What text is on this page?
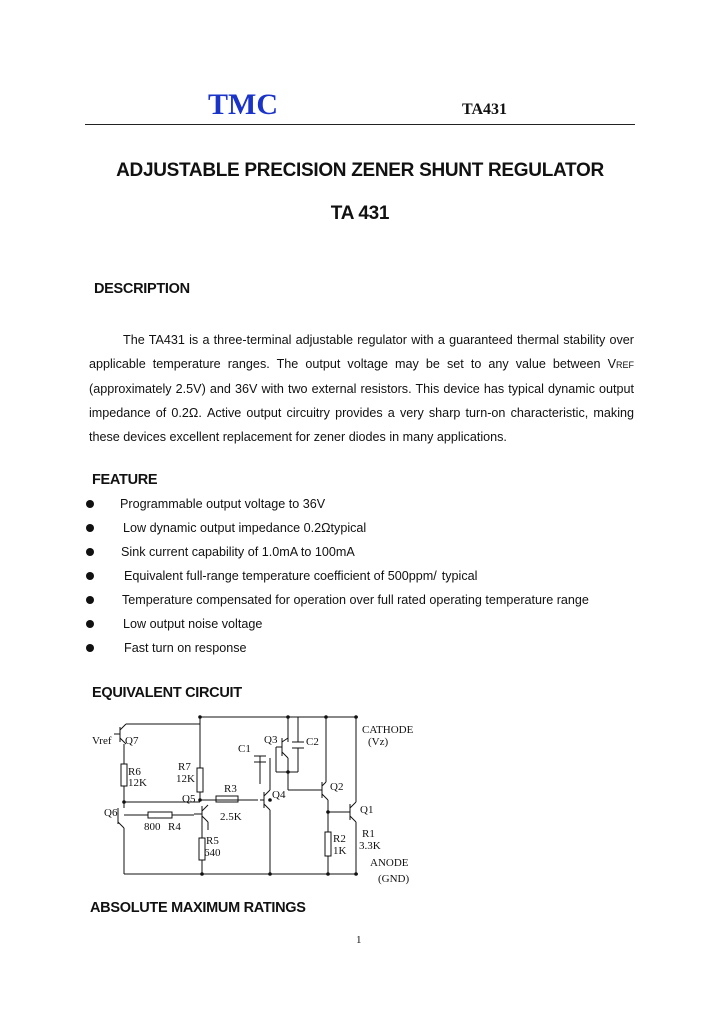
TMC	TA431
ADJUSTABLE PRECISION ZENER SHUNT REGULATOR
TA 431
DESCRIPTION

The TA431 is a three-terminal adjustable regulator with a guaranteed thermal stability over applicable temperature ranges. The output voltage may be set to any value between VREF (approximately 2.5V) and 36V with two external resistors. This device has typical dynamic output impedance of 0.2Ω. Active output circuitry provides a very sharp turn-on characteristic, making these devices excellent replacement for zener diodes in many applications.

FEATURE
Programmable output voltage to 36V
Low dynamic output impedance 0.2Ωtypical
Sink current capability of 1.0mA to 100mA
Equivalent full-range temperature coefficient of 500ppm/  typical
Temperature compensated for operation over full rated operating temperature range
Low output noise voltage
Fast turn on response
EQUIVALENT CIRCUIT
Vref Q7
R6
12K
R7
12K
C1
Q3	C2
CATHODE
(Vz)
Q5
R3
2.5K
Q4
Q2
Q1
Q6
800 R4
R5
640
R2
1K
R1
3.3K
ANODE
(GND)
ABSOLUTE MAXIMUM RATINGS
1
